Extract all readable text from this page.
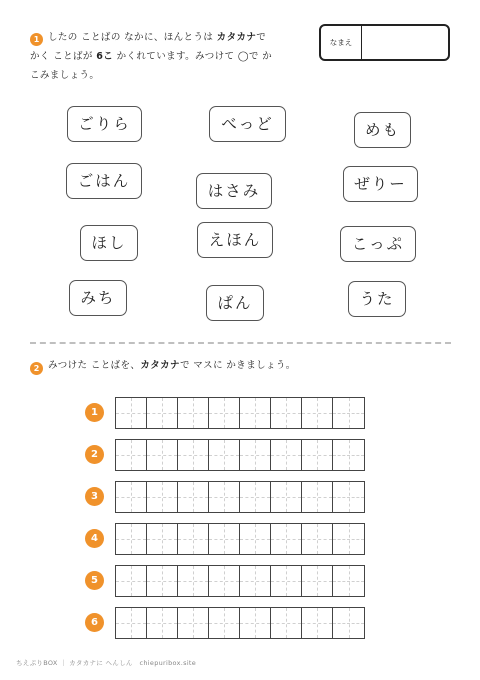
1 したの ことばの なかに、ほんとうは カタカナで
かく ことばが 6こ かくれています。みつけて ◯で か
こみましょう。
なまえ
ごりら	べっど	めも
ごはん
はさみ	ぜりー
ほし	えほん	こっぷ
みち	ぱん	うた
2 みつけた ことばを、カタカナで マスに かきましょう。
1
2
3
4
5
6
ちえぷりBOX ｜ カタカナに へんしん　chiepuribox.site
